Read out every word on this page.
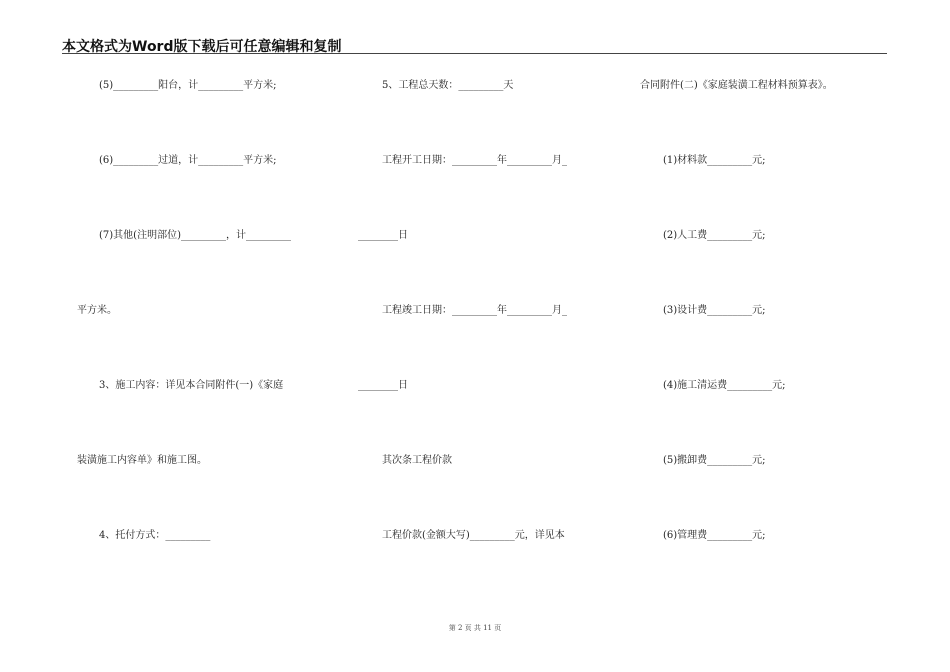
本文格式为Word版下载后可任意编辑和复制
(5)_________阳台，计_________平方米;
(6)_________过道，计_________平方米;
(7)其他(注明部位)_________，计_________
平方米。
3、施工内容：详见本合同附件(一)《家庭
装潢施工内容单》和施工图。
4、托付方式：_________
5、工程总天数：_________天
工程开工日期：_________年_________月_
________日
工程竣工日期：_________年_________月_
________日
其次条工程价款
工程价款(金额大写)_________元，详见本
合同附件(二)《家庭装潢工程材料预算表》。
(1)材料款_________元;
(2)人工费_________元;
(3)设计费_________元;
(4)施工清运费_________元;
(5)搬卸费_________元;
(6)管理费_________元;
第 2 页 共 11 页
